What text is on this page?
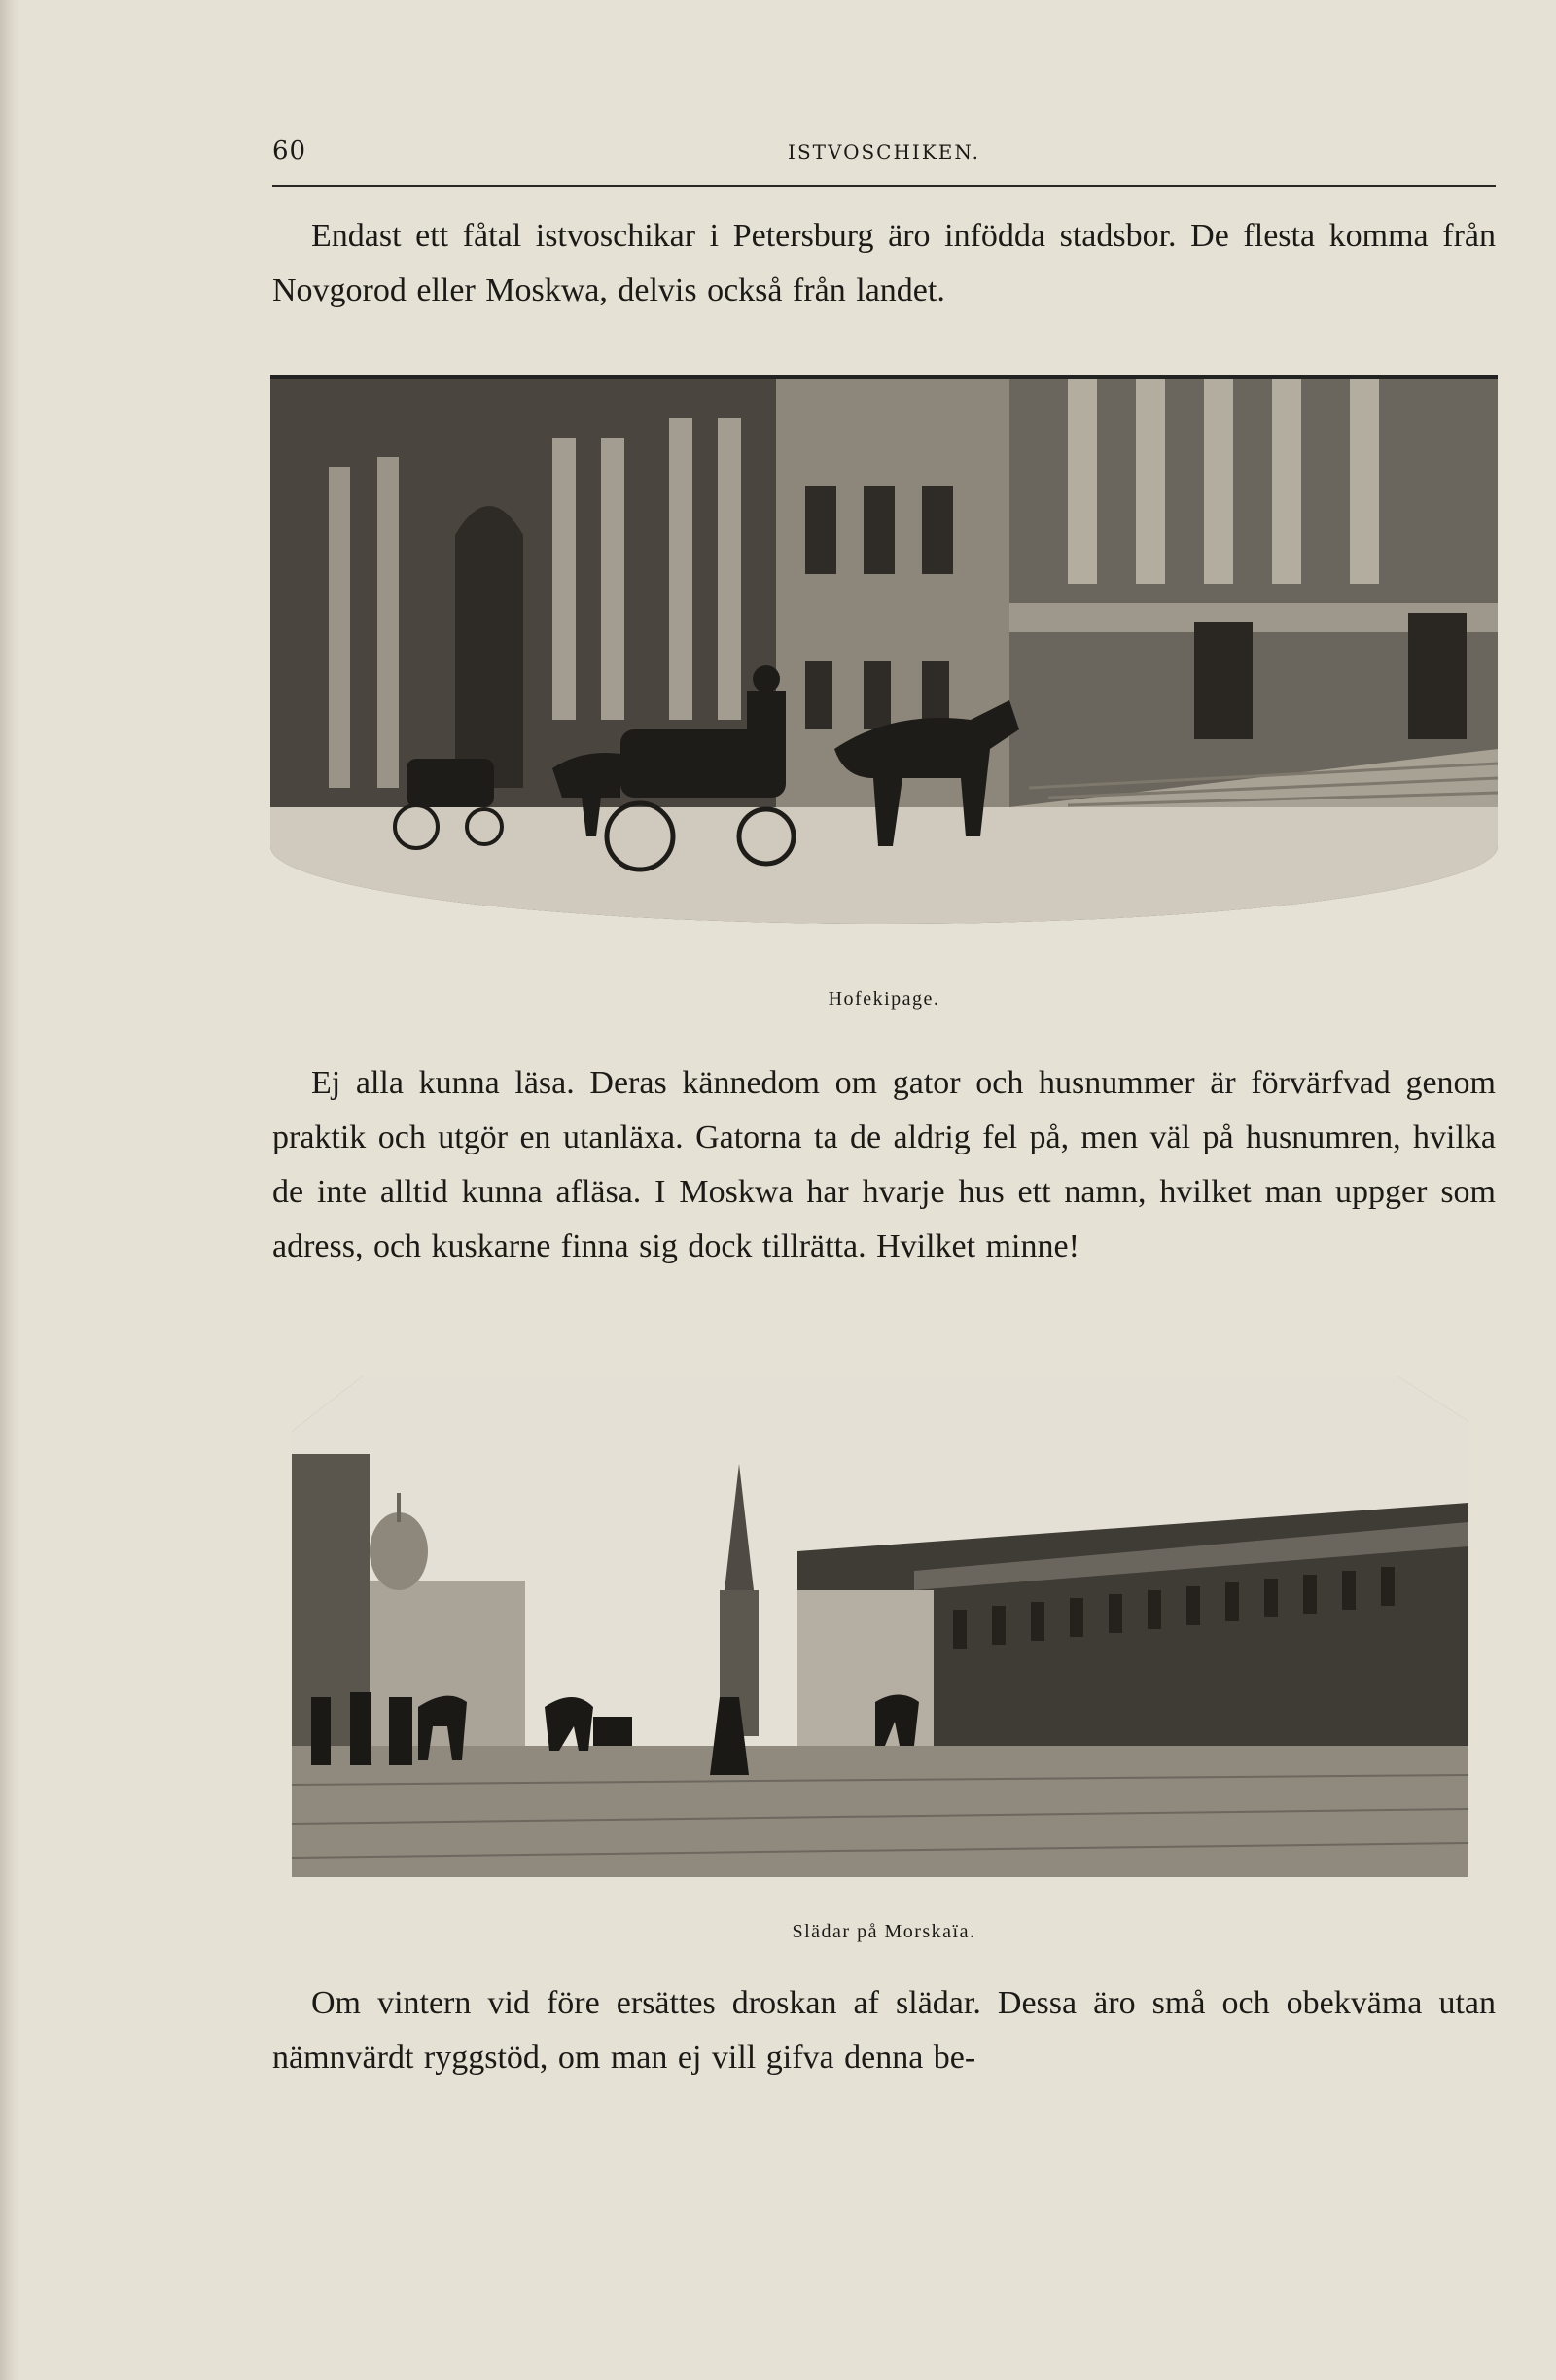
60	ISTVOSCHIKEN.

Endast ett fåtal istvoschikar i Petersburg äro infödda stadsbor. De flesta komma från Novgorod eller Moskwa, delvis också från landet.

Hofekipage.

Ej alla kunna läsa. Deras kännedom om gator och husnummer är förvärfvad genom praktik och utgör en utanläxa. Gatorna ta de aldrig fel på, men väl på husnumren, hvilka de inte alltid kunna afläsa. I Moskwa har hvarje hus ett namn, hvilket man uppger som adress, och kuskarne finna sig dock tillrätta. Hvilket minne!

Slädar på Morskaïa.

Om vintern vid före ersättes droskan af slädar. Dessa äro små och obekväma utan nämnvärdt ryggstöd, om man ej vill gifva denna be-
